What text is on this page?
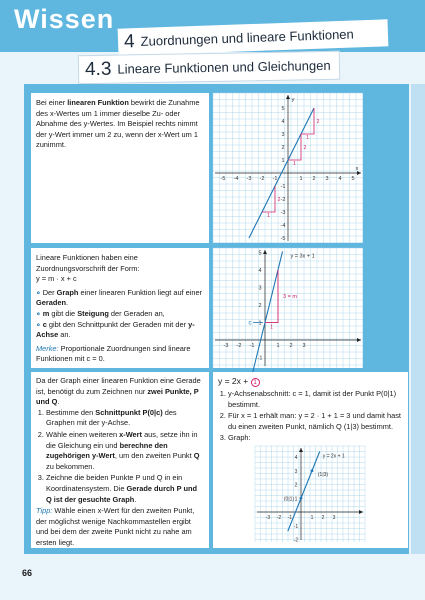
Wissen
4 Zuordnungen und lineare Funktionen
4.3 Lineare Funktionen und Gleichungen
Bei einer linearen Funktion bewirkt die Zunahme des x-Wertes um 1 immer dieselbe Zu- oder Abnahme des y-Wertes. Im Beispiel rechts nimmt der y-Wert immer um 2 zu, wenn der x-Wert um 1 zunimmt.
-5 -4 -3 -2 -1	1 2 3 4 5
5
4
3
2
1
-1
-2
-3
-4
-5
x
y
1
2
1
2
1
2
Lineare Funktionen haben eine Zuordnungsvorschrift der Form:
y = m · x + c
∘ Der Graph einer linearen Funktion liegt auf einer Geraden.
∘ m gibt die Steigung der Geraden an,
∘ c gibt den Schnittpunkt der Geraden mit der y-Achse an.
Merke: Proportionale Zuordnungen sind lineare Funktionen mit c = 0.
-3 -2 -1	1 2 3
5
4
3
2
1
-1
c
1
3 = m
y = 3x + 1
Da der Graph einer linearen Funktion eine Gerade ist, benötigt du zum Zeichnen nur zwei Punkte, P und Q.
1. Bestimme den Schnittpunkt P(0|c) des Graphen mit der y-Achse.
2. Wähle einen weiteren x-Wert aus, setze ihn in die Gleichung ein und berechne den zugehörigen y-Wert, um den zweiten Punkt Q zu bekommen.
3. Zeichne die beiden Punkte P und Q in ein Koordinatensystem. Die Gerade durch P und Q ist der gesuchte Graph.
Tipp: Wähle einen x-Wert für den zweiten Punkt, der möglichst wenige Nachkommastellen ergibt und bei dem der zweite Punkt nicht zu nahe am ersten liegt.
y = 2x + 1
1. y-Achsenabschnitt: c = 1, damit ist der Punkt P(0|1) bestimmt.
2. Für x = 1 erhält man: y = 2 · 1 + 1 = 3 und damit hast du einen zweiten Punkt, nämlich Q (1|3) bestimmt.
3. Graph:
-3 -2 -1	1 2 3
4
3
2
1
-1
-2
(0|1)
(1|3)
y = 2x + 1
66
